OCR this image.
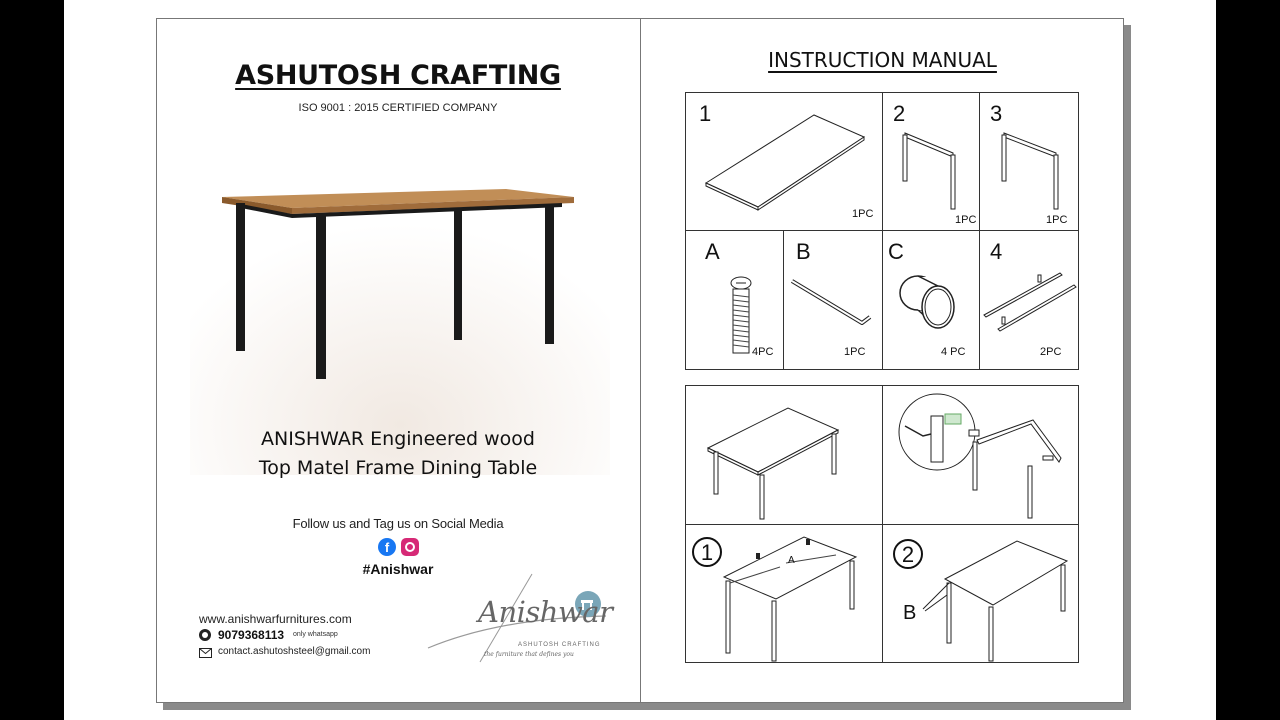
ASHUTOSH CRAFTING
ISO 9001 : 2015 CERTIFIED COMPANY
ANISHWAR Engineered wood
Top Matel Frame Dining Table
Follow us and Tag us on Social Media
f
#Anishwar
www.anishwarfurnitures.com
9079368113 only whatsapp
contact.ashutoshsteel@gmail.com
Anishwar
ASHUTOSH CRAFTING
the furniture that defines you
INSTRUCTION MANUAL
1
1PC
2
1PC
3
1PC
A
4PC
B
1PC
C
4 PC
4
2PC
1	A	2
B
